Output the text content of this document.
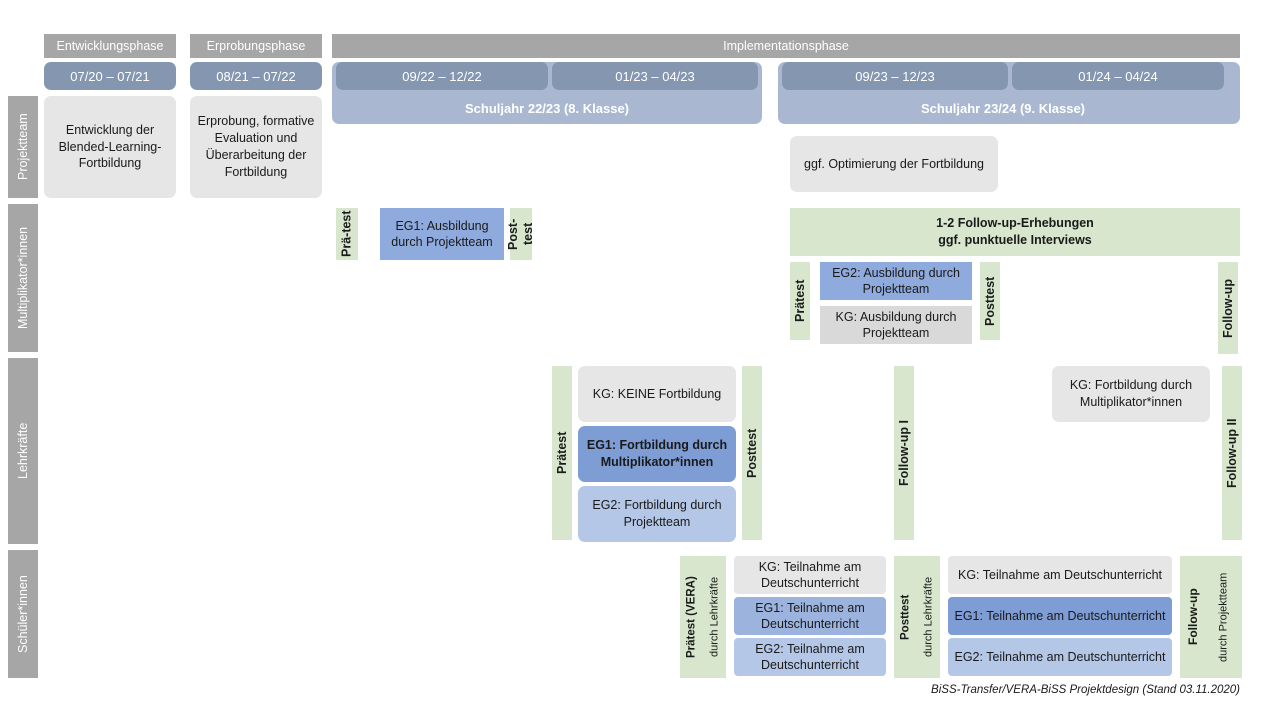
Entwicklungsphase	Erprobungsphase	Implementationsphase
07/20 – 07/21	08/21 – 07/22	09/22 – 12/22	01/23 – 04/23	09/23 – 12/23	01/24 – 04/24
Schuljahr 22/23 (8. Klasse)	Schuljahr 23/24 (9. Klasse)
Projektteam
Multiplikator*innen
Lehrkräfte
Schüler*innen
Entwicklung der Blended-Learning-Fortbildung
Erprobung, formative Evaluation und Überarbeitung der Fortbildung
ggf. Optimierung der Fortbildung
Prä-test	EG1: Ausbildung durch Projektteam	Post-test	1-2 Follow-up-Erhebungen
ggf. punktuelle Interviews
Prätest
EG2: Ausbildung durch Projektteam
KG: Ausbildung durch Projektteam
Posttest	Follow-up
Prätest
KG: KEINE Fortbildung
EG1: Fortbildung durch Multiplikator*innen
EG2: Fortbildung durch Projektteam
Posttest	Follow-up I
KG: Fortbildung durch Multiplikator*innen
Follow-up II
Prätest (VERA)	durch Lehrkräfte
KG: Teilnahme am Deutschunterricht
EG1: Teilnahme am Deutschunterricht
EG2: Teilnahme am Deutschunterricht
Posttest	durch Lehrkräfte
KG: Teilnahme am Deutschunterricht
EG1: Teilnahme am Deutschunterricht
EG2: Teilnahme am Deutschunterricht
Follow-up	durch Projektteam
BiSS-Transfer/VERA-BiSS Projektdesign (Stand 03.11.2020)
